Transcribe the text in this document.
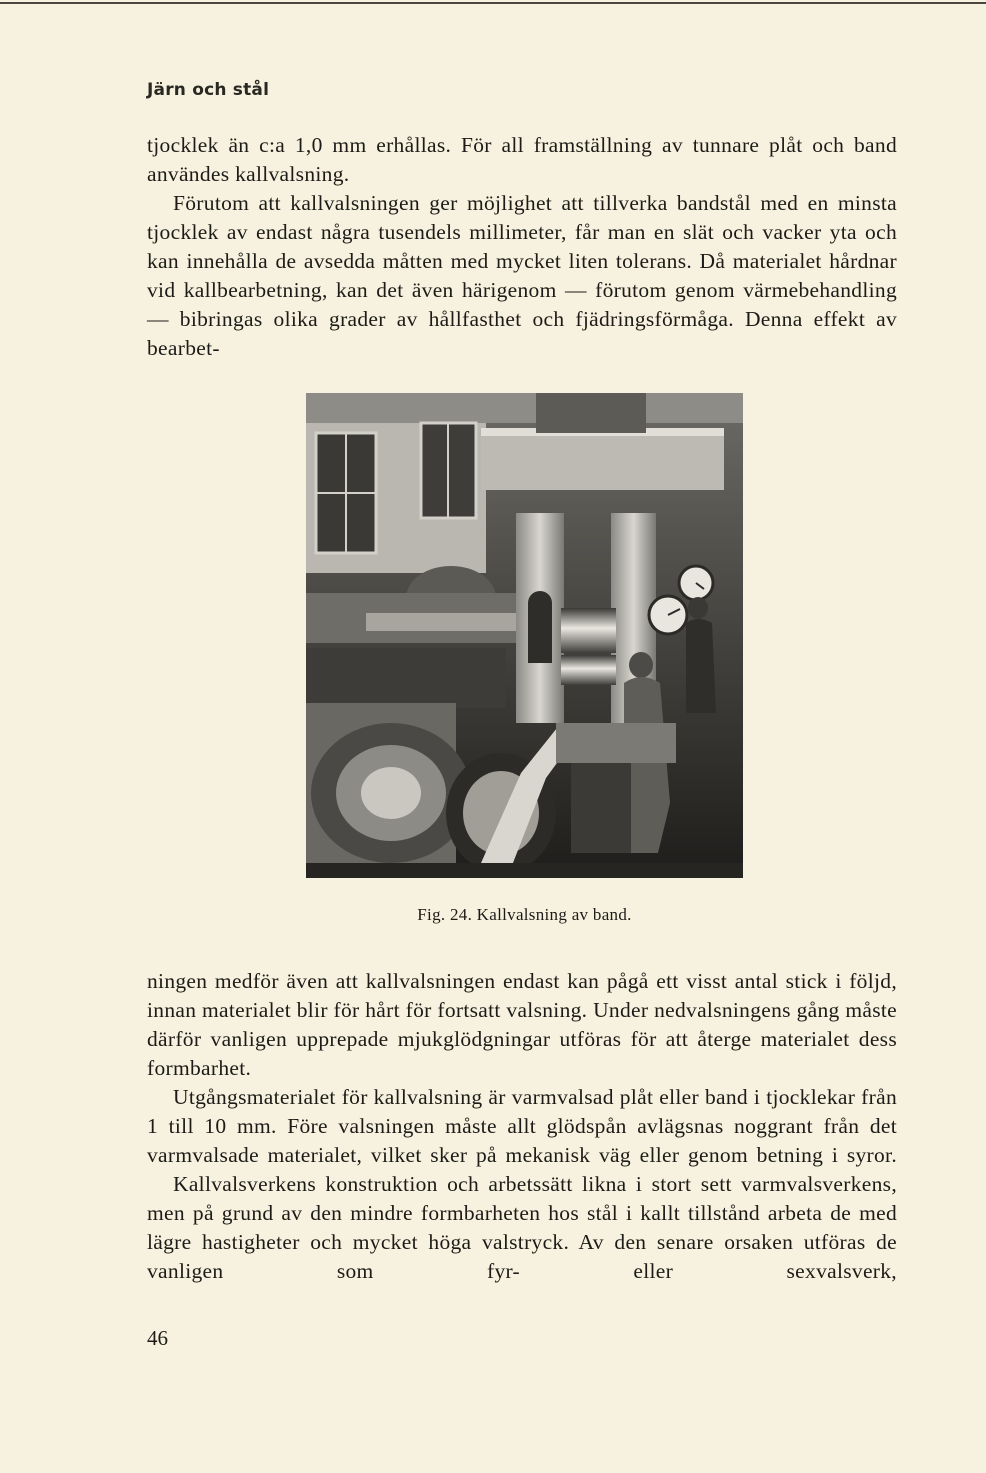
Järn och stål

tjocklek än c:a 1,0 mm erhållas. För all framställning av tunnare plåt och band användes kallvalsning.

Förutom att kallvalsningen ger möjlighet att tillverka bandstål med en minsta tjocklek av endast några tusendels millimeter, får man en slät och vacker yta och kan innehålla de avsedda måtten med mycket liten tolerans. Då materialet hårdnar vid kallbearbetning, kan det även härigenom — förutom genom värmebehandling — bibringas olika grader av hållfasthet och fjädringsförmåga. Denna effekt av bearbet-

Fig. 24. Kallvalsning av band.

ningen medför även att kallvalsningen endast kan pågå ett visst antal stick i följd, innan materialet blir för hårt för fortsatt valsning. Under nedvalsningens gång måste därför vanligen upprepade mjukglödgningar utföras för att återge materialet dess formbarhet.

Utgångsmaterialet för kallvalsning är varmvalsad plåt eller band i tjocklekar från 1 till 10 mm. Före valsningen måste allt glödspån avlägsnas noggrant från det varmvalsade materialet, vilket sker på mekanisk väg eller genom betning i syror.

Kallvalsverkens konstruktion och arbetssätt likna i stort sett varmvalsverkens, men på grund av den mindre formbarheten hos stål i kallt tillstånd arbeta de med lägre hastigheter och mycket höga valstryck. Av den senare orsaken utföras de vanligen som fyr- eller sexvalsverk,

46
